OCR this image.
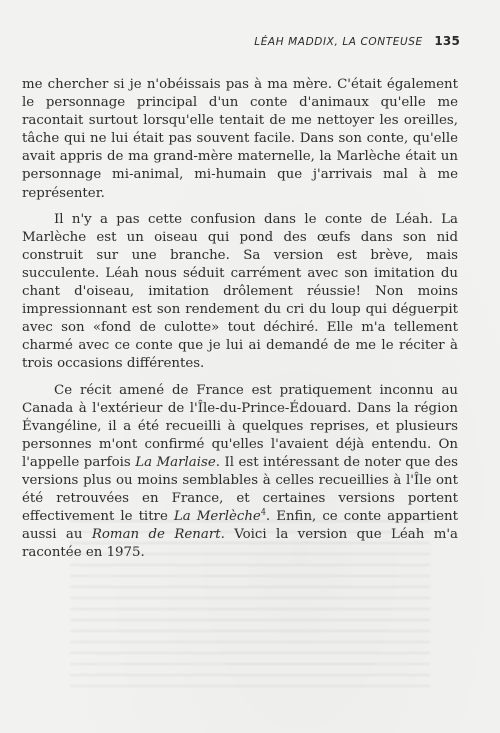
LÉAH MADDIX, LA CONTEUSE 135

me chercher si je n'obéissais pas à ma mère. C'était également le personnage principal d'un conte d'animaux qu'elle me racontait surtout lorsqu'elle tentait de me nettoyer les oreilles, tâche qui ne lui était pas souvent facile. Dans son conte, qu'elle avait appris de ma grand-mère maternelle, la Marlèche était un personnage mi-animal, mi-humain que j'arrivais mal à me représenter.

Il n'y a pas cette confusion dans le conte de Léah. La Marlèche est un oiseau qui pond des œufs dans son nid construit sur une branche. Sa version est brève, mais succulente. Léah nous séduit carrément avec son imitation du chant d'oiseau, imitation drôlement réussie! Non moins impressionnant est son rendement du cri du loup qui déguerpit avec son «fond de culotte» tout déchiré. Elle m'a tellement charmé avec ce conte que je lui ai demandé de me le réciter à trois occasions différentes.

Ce récit amené de France est pratiquement inconnu au Canada à l'extérieur de l'Île-du-Prince-Édouard. Dans la région Évangéline, il a été recueilli à quelques reprises, et plusieurs personnes m'ont confirmé qu'elles l'avaient déjà entendu. On l'appelle parfois La Marlaise. Il est intéressant de noter que des versions plus ou moins semblables à celles recueillies à l'Île ont été retrouvées en France, et certaines versions portent effectivement le titre La Merlèche$^4$. Enfin, ce conte appartient aussi au Roman de Renart. Voici la version que Léah m'a racontée en 1975.
